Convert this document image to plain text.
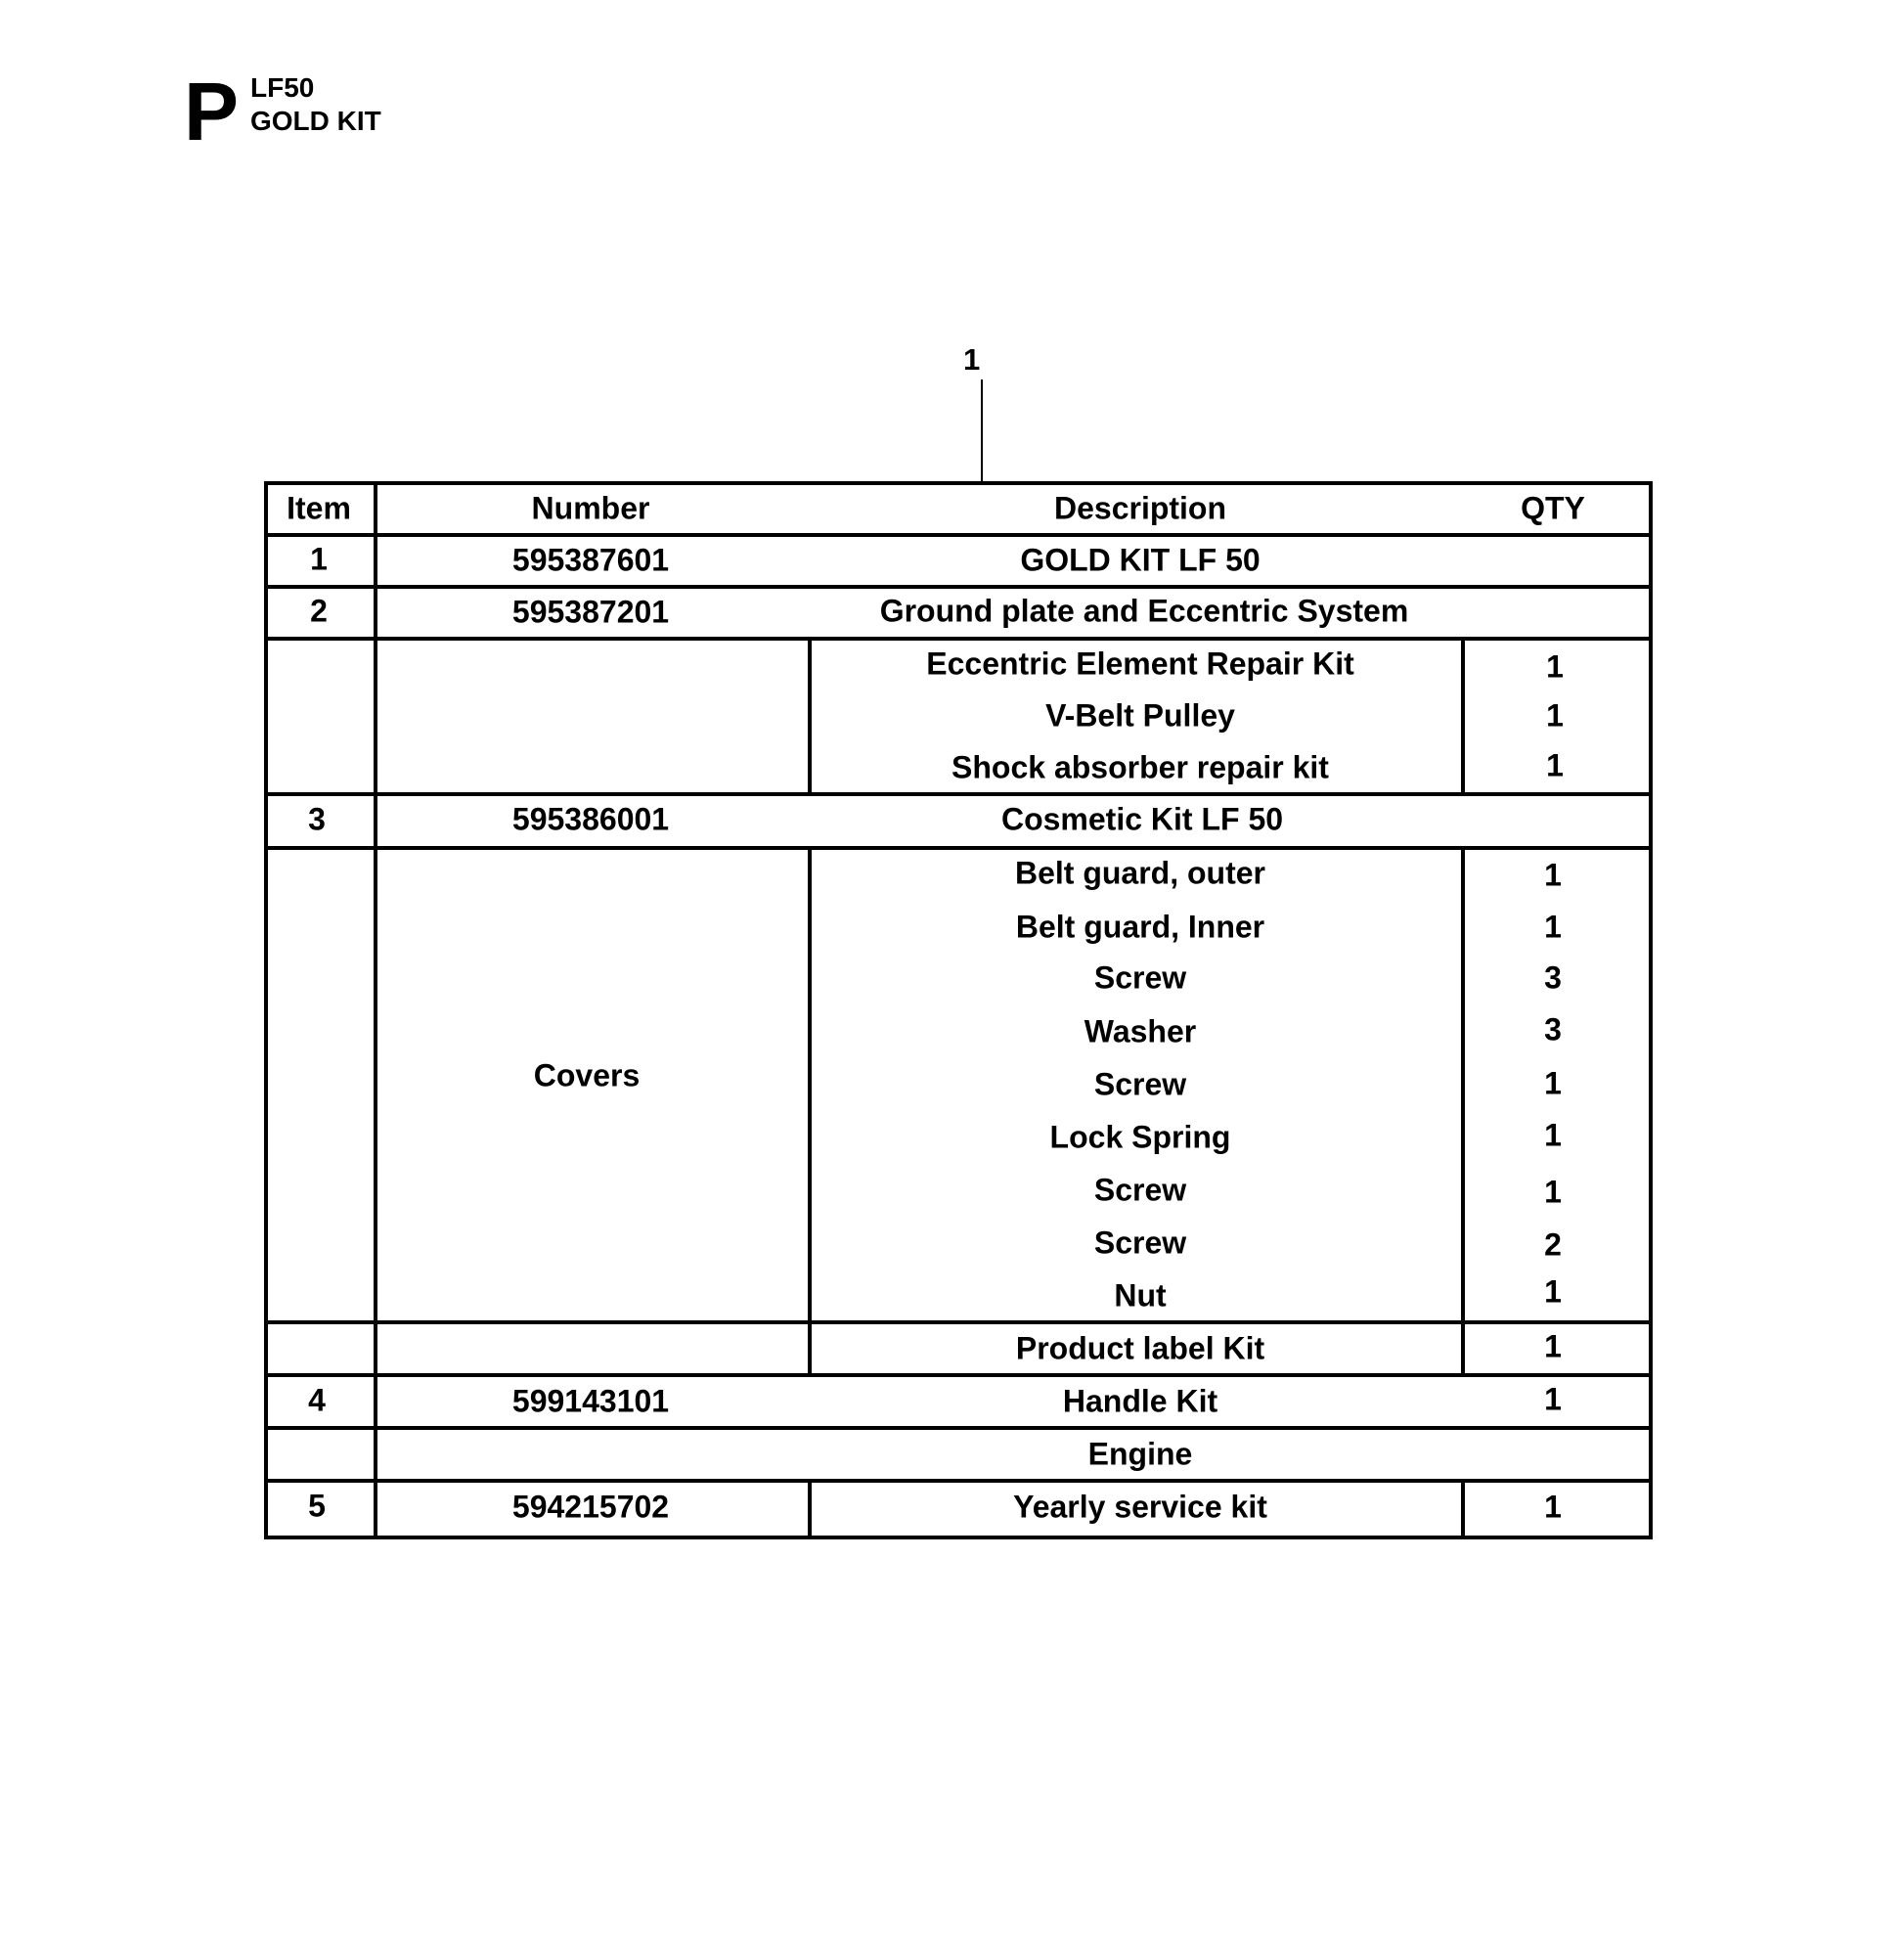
P LF50
GOLD KIT
1
Item	Number	Description	QTY
1	595387601	GOLD KIT LF 50
2	595387201	Ground plate and Eccentric System
Eccentric Element Repair Kit	1
V-Belt Pulley	1
Shock absorber repair kit	1
3	595386001	Cosmetic Kit LF 50
Covers
Belt guard, outer	1
Belt guard, Inner	1
Screw	3
Washer	3
Screw	1
Lock Spring	1
Screw	1
Screw	2
Nut	1
Product label Kit	1
4	599143101	Handle Kit	1
Engine
5	594215702	Yearly service kit	1
